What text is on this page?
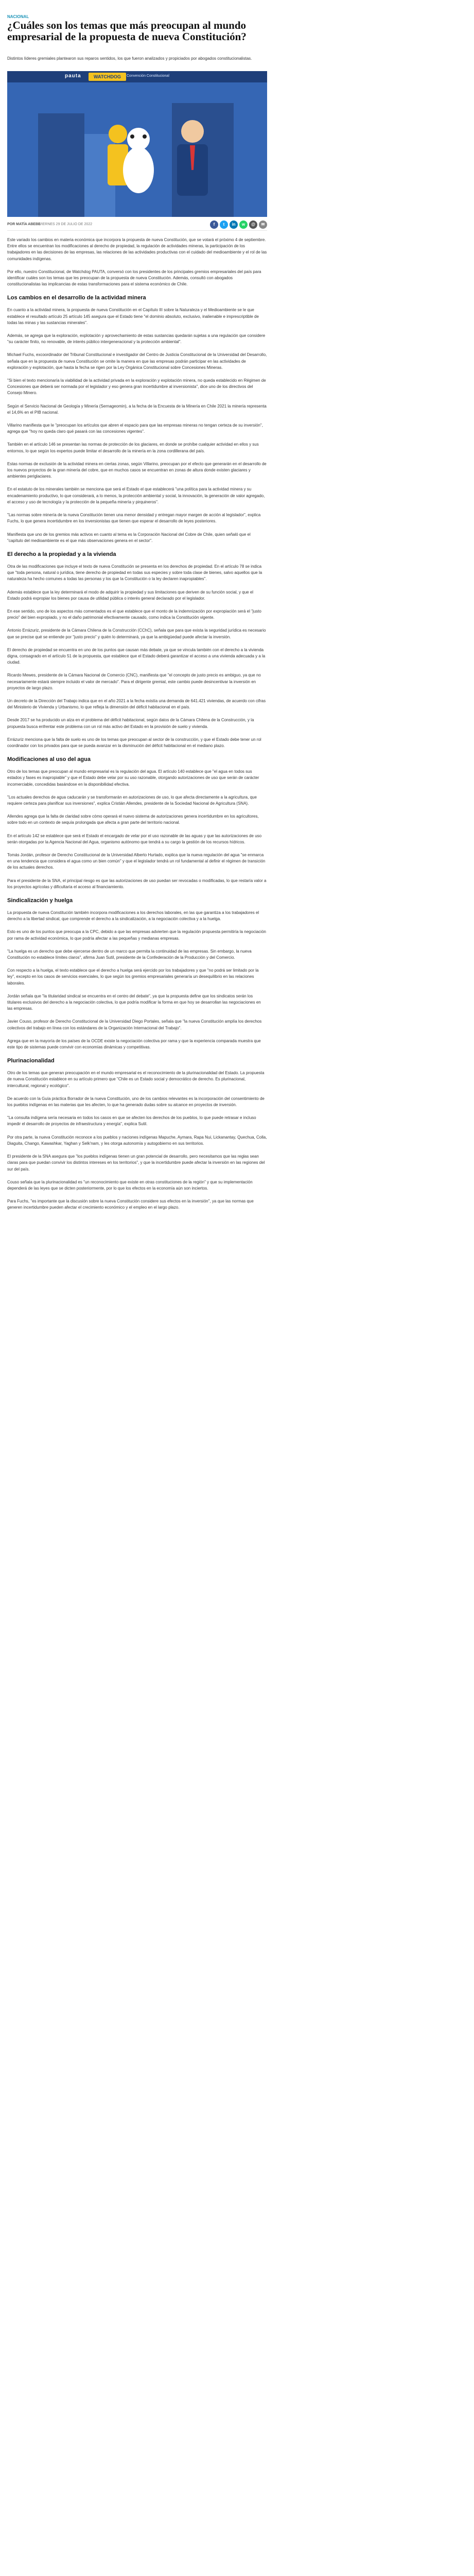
NACIONAL
¿Cuáles son los temas que más preocupan al mundo empresarial de la propuesta de nueva Constitución?

Distintos líderes gremiales plantearon sus reparos sentidos, los que fueron analizados y propiciados por abogados constitucionalistas.

pauta	WATCHDOG	Convención Constitucional
POR MATÍA ABEBE
VIERNES 29 DE JULIO DE 2022	f	t	in	w	@	✉

Este variado los cambios en materia económica que incorpora la propuesta de nueva Constitución, que se votará el próximo 4 de septiembre. Entre ellos se encuentran los modificaciones al derecho de propiedad, la regulación de actividades mineras, la participación de los trabajadores en las decisiones de las empresas, las relaciones de las actividades productivas con el cuidado del medioambiente y el rol de las comunidades indígenas.

Por ello, nuestro Constitucional, de Watchdog PAUTA, conversó con los presidentes de los principales gremios empresariales del país para identificar cuáles son los temas que les preocupan de la propuesta de nueva Constitución. Además, consultó con abogados constitucionalistas las implicancias de estas transformaciones para el sistema económico de Chile.

Los cambios en el desarrollo de la actividad minera

En cuanto a la actividad minera, la propuesta de nueva Constitución en el Capítulo III sobre la Naturaleza y el Medioambiente se le que establece el resultado artículo 25 artículo 145 asegura que el Estado tiene "el dominio absoluto, exclusivo, inalienable e imprescriptible de todas las minas y las sustancias minerales".

Además, se agrega que la exploración, explotación y aprovechamiento de estas sustancias quedarán sujetas a una regulación que considere "su carácter finito, no renovable, de interés público intergeneracional y la protección ambiental".

Michael Fuchs, excoordinador del Tribunal Constitucional e investigador del Centro de Justicia Constitucional de la Universidad del Desarrollo, señala que en la propuesta de nueva Constitución se omite la manera en que las empresas podrán participar en las actividades de exploración y explotación, que hasta la fecha se rigen por la Ley Orgánica Constitucional sobre Concesiones Mineras.

"Si bien el texto mencionaría la viabilidad de la actividad privada en la exploración y explotación minera, no queda establecido en Régimen de Concesiones que deberá ser normada por el legislador y eso genera gran incertidumbre al inversionista", dice uno de los directivos del Consejo Minero.

Según el Servicio Nacional de Geología y Minería (Sernageomin), a la fecha de la Encuesta de la Minería en Chile 2021 la minería representa el 14,6% en el PIB nacional.

Villarino manifiesta que le "preocupan los artículos que abren el espacio para que las empresas mineras no tengan certeza de su inversión", agrega que "hoy no queda claro qué pasará con las concesiones vigentes".

También en el artículo 146 se presentan las normas de protección de los glaciares, en donde se prohíbe cualquier actividad en ellos y sus entornos, lo que según los expertos puede limitar el desarrollo de la minería en la zona cordillerana del país.

Estas normas de exclusión de la actividad minera en ciertas zonas, según Villarino, preocupan por el efecto que generarán en el desarrollo de los nuevos proyectos de la gran minería del cobre, que en muchos casos se encuentran en zonas de altura donde existen glaciares y ambientes periglaciares.

En el estatuto de los minerales también se menciona que será el Estado el que establecerá "una política para la actividad minera y su encadenamiento productivo, lo que considerará, a lo menos, la protección ambiental y social, la innovación, la generación de valor agregado, el acceso y uso de tecnología y la protección de la pequeña minería y pirquineros".

"Las normas sobre minería de la nueva Constitución tienen una menor densidad y entregan mayor margen de acción al legislador", explica Fuchs, lo que genera incertidumbre en los inversionistas que tienen que esperar el desarrollo de leyes posteriores.

Manifiesta que uno de los gremios más activos en cuanto al tema es la Corporación Nacional del Cobre de Chile, quien señaló que el "capítulo del medioambiente es el que más observaciones genera en el sector".

El derecho a la propiedad y a la vivienda

Otra de las modificaciones que incluye el texto de nueva Constitución se presenta en los derechos de propiedad. En el artículo 78 se indica que "toda persona, natural o jurídica, tiene derecho de propiedad en todas sus especies y sobre toda clase de bienes, salvo aquellos que la naturaleza ha hecho comunes a todas las personas y los que la Constitución o la ley declaren inapropiables".

Además establece que la ley determinará el modo de adquirir la propiedad y sus limitaciones que deriven de su función social, y que el Estado podrá expropiar los bienes por causa de utilidad pública o interés general declarado por el legislador.

En ese sentido, uno de los aspectos más comentados es el que establece que el monto de la indemnización por expropiación será el "justo precio" del bien expropiado, y no el daño patrimonial efectivamente causado, como indica la Constitución vigente.

Antonio Errázuriz, presidente de la Cámara Chilena de la Construcción (CChC), señala que para que exista la seguridad jurídica es necesario que se precise qué se entiende por "justo precio" y quién lo determinará, ya que la ambigüedad puede afectar la inversión.

El derecho de propiedad se encuentra en uno de los puntos que causan más debate, ya que se vincula también con el derecho a la vivienda digna, consagrado en el artículo 51 de la propuesta, que establece que el Estado deberá garantizar el acceso a una vivienda adecuada y a la ciudad.

Ricardo Mewes, presidente de la Cámara Nacional de Comercio (CNC), manifiesta que "el concepto de justo precio es ambiguo, ya que no necesariamente estará siempre incluido el valor de mercado". Para el dirigente gremial, este cambio puede desincentivar la inversión en proyectos de largo plazo.

Un decreto de la Dirección del Trabajo indica que en el año 2021 a la fecha existía una demanda de 641.421 viviendas, de acuerdo con cifras del Ministerio de Vivienda y Urbanismo, lo que refleja la dimensión del déficit habitacional en el país.

Desde 2017 se ha producido un alza en el problema del déficit habitacional, según datos de la Cámara Chilena de la Construcción, y la propuesta busca enfrentar este problema con un rol más activo del Estado en la provisión de suelo y vivienda.

Errázuriz menciona que la falta de suelo es uno de los temas que preocupan al sector de la construcción, y que el Estado debe tener un rol coordinador con los privados para que se pueda avanzar en la disminución del déficit habitacional en el mediano plazo.

Modificaciones al uso del agua

Otro de los temas que preocupan al mundo empresarial es la regulación del agua. El artículo 140 establece que "el agua en todos sus estados y fases es inapropiable" y que el Estado debe velar por su uso razonable, otorgando autorizaciones de uso que serán de carácter incomerciable, concedidas basándose en la disponibilidad efectiva.

"Los actuales derechos de agua caducarán y se transformarán en autorizaciones de uso, lo que afecta directamente a la agricultura, que requiere certeza para planificar sus inversiones", explica Cristián Allendes, presidente de la Sociedad Nacional de Agricultura (SNA).

Allendes agrega que la falta de claridad sobre cómo operará el nuevo sistema de autorizaciones genera incertidumbre en los agricultores, sobre todo en un contexto de sequía prolongada que afecta a gran parte del territorio nacional.

En el artículo 142 se establece que será el Estado el encargado de velar por el uso razonable de las aguas y que las autorizaciones de uso serán otorgadas por la Agencia Nacional del Agua, organismo autónomo que tendrá a su cargo la gestión de los recursos hídricos.

Tomás Jordán, profesor de Derecho Constitucional de la Universidad Alberto Hurtado, explica que la nueva regulación del agua "se enmarca en una tendencia que considera el agua como un bien común" y que el legislador tendrá un rol fundamental al definir el régimen de transición de los actuales derechos.

Para el presidente de la SNA, el principal riesgo es que las autorizaciones de uso puedan ser revocadas o modificadas, lo que restaría valor a los proyectos agrícolas y dificultaría el acceso al financiamiento.

Sindicalización y huelga

La propuesta de nueva Constitución también incorpora modificaciones a los derechos laborales, en las que garantiza a los trabajadores el derecho a la libertad sindical, que comprende el derecho a la sindicalización, a la negociación colectiva y a la huelga.

Esto es uno de los puntos que preocupa a la CPC, debido a que las empresas advierten que la regulación propuesta permitiría la negociación por rama de actividad económica, lo que podría afectar a las pequeñas y medianas empresas.

"La huelga es un derecho que debe ejercerse dentro de un marco que permita la continuidad de las empresas. Sin embargo, la nueva Constitución no establece límites claros", afirma Juan Sutil, presidente de la Confederación de la Producción y del Comercio.

Con respecto a la huelga, el texto establece que el derecho a huelga será ejercido por los trabajadores y que "no podrá ser limitado por la ley", excepto en los casos de servicios esenciales, lo que según los gremios empresariales generaría un desequilibrio en las relaciones laborales.

Jordán señala que "la titularidad sindical se encuentra en el centro del debate", ya que la propuesta define que los sindicatos serán los titulares exclusivos del derecho a la negociación colectiva, lo que podría modificar la forma en que hoy se desarrollan las negociaciones en las empresas.

Javier Couso, profesor de Derecho Constitucional de la Universidad Diego Portales, señala que "la nueva Constitución amplía los derechos colectivos del trabajo en línea con los estándares de la Organización Internacional del Trabajo".

Agrega que en la mayoría de los países de la OCDE existe la negociación colectiva por rama y que la experiencia comparada muestra que este tipo de sistemas puede convivir con economías dinámicas y competitivas.

Plurinacionalidad

Otro de los temas que generan preocupación en el mundo empresarial es el reconocimiento de la plurinacionalidad del Estado. La propuesta de nueva Constitución establece en su artículo primero que "Chile es un Estado social y democrático de derecho. Es plurinacional, intercultural, regional y ecológico".

De acuerdo con la Guía práctica Borrador de la nueva Constitución, uno de los cambios relevantes es la incorporación del consentimiento de los pueblos indígenas en las materias que les afecten, lo que ha generado dudas sobre su alcance en proyectos de inversión.

"La consulta indígena sería necesaria en todos los casos en que se afecten los derechos de los pueblos, lo que puede retrasar e incluso impedir el desarrollo de proyectos de infraestructura y energía", explica Sutil.

Por otra parte, la nueva Constitución reconoce a los pueblos y naciones indígenas Mapuche, Aymara, Rapa Nui, Lickanantay, Quechua, Colla, Diaguita, Chango, Kawashkar, Yaghan y Selk'nam, y les otorga autonomía y autogobierno en sus territorios.

El presidente de la SNA asegura que "los pueblos indígenas tienen un gran potencial de desarrollo, pero necesitamos que las reglas sean claras para que puedan convivir los distintos intereses en los territorios", y que la incertidumbre puede afectar la inversión en las regiones del sur del país.

Couso señala que la plurinacionalidad es "un reconocimiento que existe en otras constituciones de la región" y que su implementación dependerá de las leyes que se dicten posteriormente, por lo que los efectos en la economía aún son inciertos.

Para Fuchs, "es importante que la discusión sobre la nueva Constitución considere sus efectos en la inversión", ya que las normas que generen incertidumbre pueden afectar el crecimiento económico y el empleo en el largo plazo.
